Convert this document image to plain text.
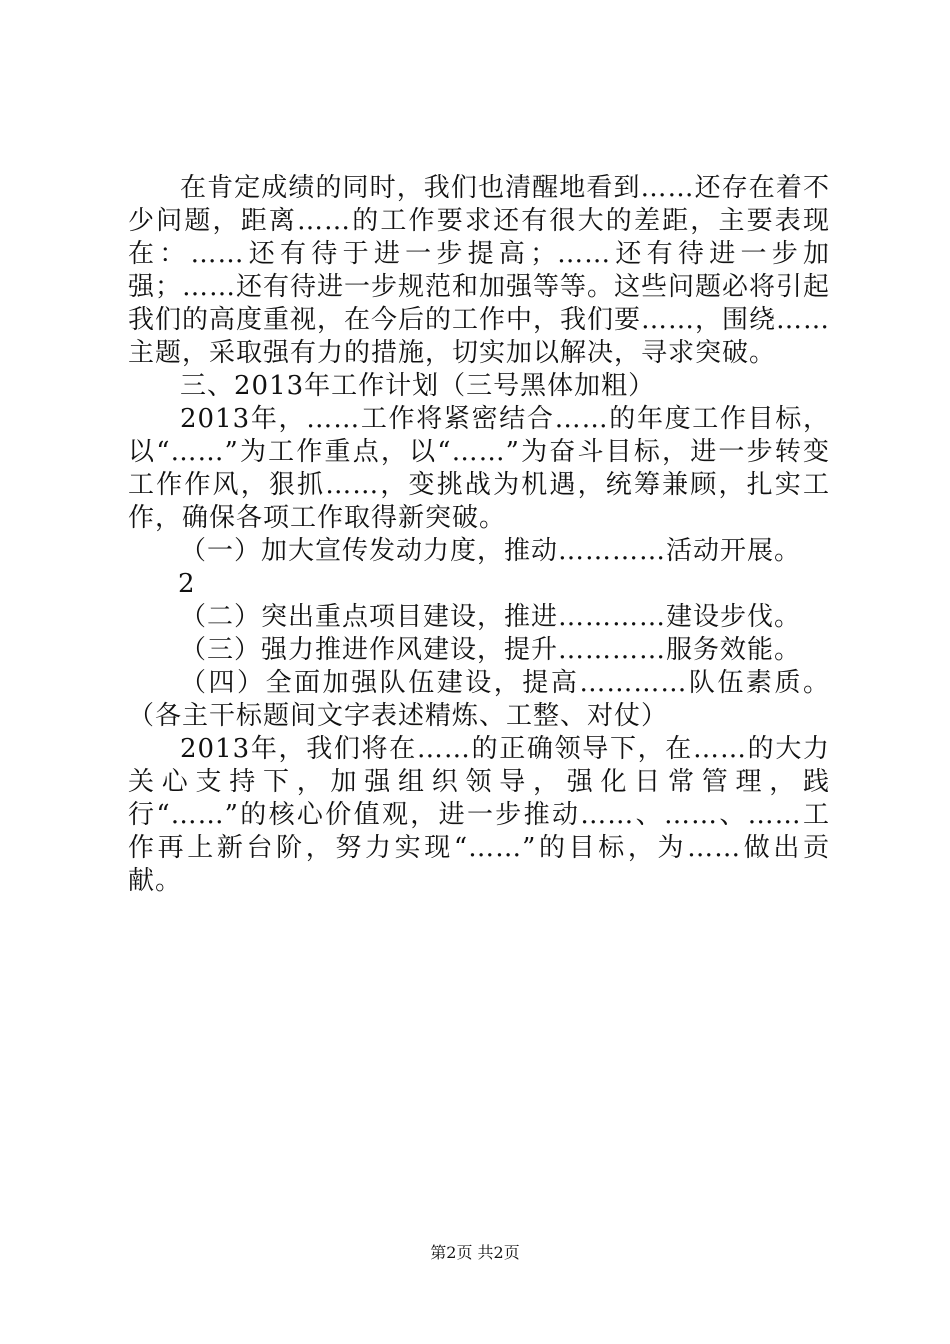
在肯定成绩的同时，我们也清醒地看到……还存在着不少问题，距离……的工作要求还有很大的差距，主要表现在：……还有待于进一步提高；……还有待进一步加强；……还有待进一步规范和加强等等。这些问题必将引起我们的高度重视，在今后的工作中，我们要……，围绕……主题，采取强有力的措施，切实加以解决，寻求突破。

三、2013年工作计划（三号黑体加粗）

2013年，……工作将紧密结合……的年度工作目标，以“……”为工作重点，以“……”为奋斗目标，进一步转变工作作风，狠抓……，变挑战为机遇，统筹兼顾，扎实工作，确保各项工作取得新突破。

（一）加大宣传发动力度，推动…………活动开展。

2

（二）突出重点项目建设，推进…………建设步伐。

（三）强力推进作风建设，提升…………服务效能。

（四）全面加强队伍建设，提高…………队伍素质。（各主干标题间文字表述精炼、工整、对仗）

2013年，我们将在……的正确领导下，在……的大力关心支持下，加强组织领导，强化日常管理，践行“……”的核心价值观，进一步推动……、……、……工作再上新台阶，努力实现“……”的目标，为……做出贡献。

第2页 共2页
